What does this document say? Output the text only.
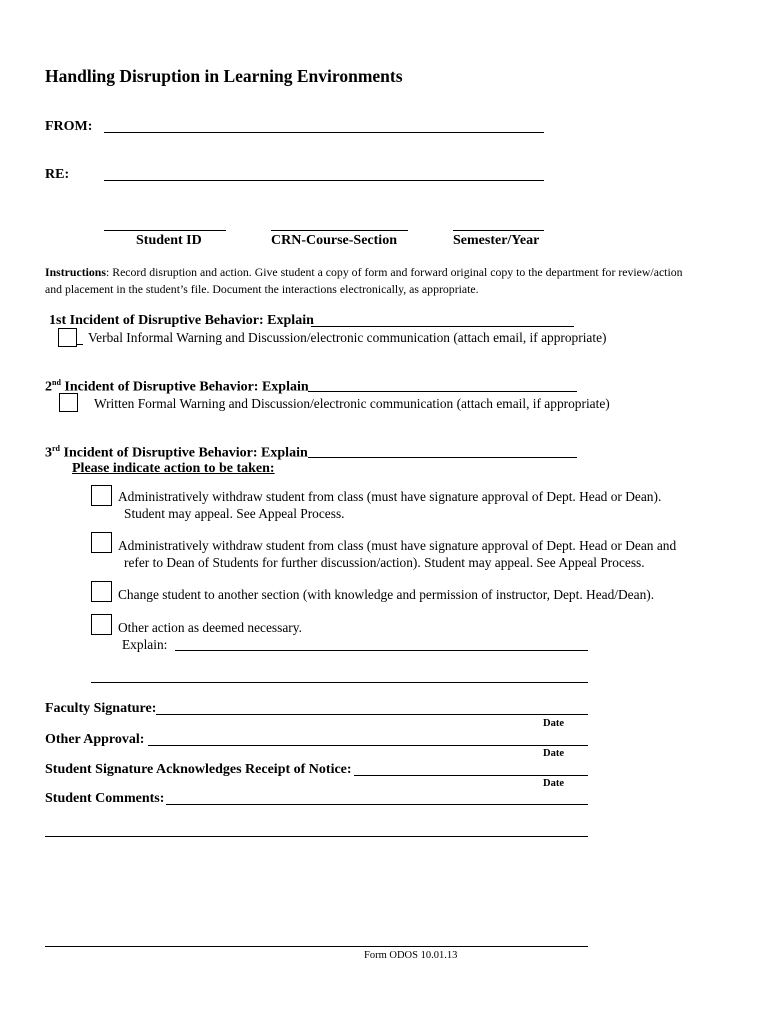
Handling Disruption in Learning Environments
FROM:
RE:
Student ID	CRN-Course-Section	Semester/Year
Instructions: Record disruption and action. Give student a copy of form and forward original copy to the department for review/action and placement in the student’s file. Document the interactions electronically, as appropriate.
1st Incident of Disruptive Behavior: Explain
Verbal Informal Warning and Discussion/electronic communication (attach email, if appropriate)
2nd Incident of Disruptive Behavior: Explain
Written Formal Warning and Discussion/electronic communication (attach email, if appropriate)
3rd Incident of Disruptive Behavior: Explain
Please indicate action to be taken:
Administratively withdraw student from class (must have signature approval of Dept. Head or Dean).
Student may appeal. See Appeal Process.
Administratively withdraw student from class (must have signature approval of Dept. Head or Dean and
refer to Dean of Students for further discussion/action). Student may appeal. See Appeal Process.
Change student to another section (with knowledge and permission of instructor, Dept. Head/Dean).
Other action as deemed necessary.
Explain:
Faculty Signature:
Date
Other Approval:
Date
Student Signature Acknowledges Receipt of Notice:
Date
Student Comments:
Form ODOS 10.01.13
